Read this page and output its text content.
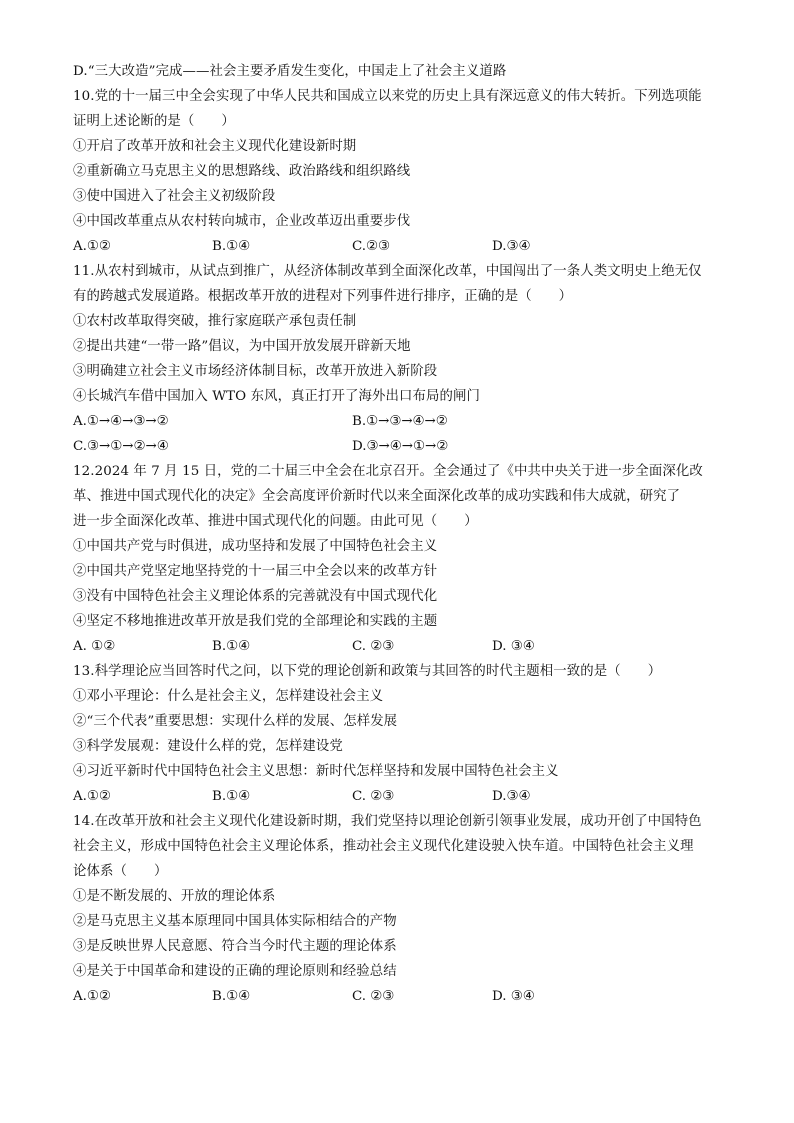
D.“三大改造”完成——社会主要矛盾发生变化，中国走上了社会主义道路
10.党的十一届三中全会实现了中华人民共和国成立以来党的历史上具有深远意义的伟大转折。下列选项能
证明上述论断的是（　　）
①开启了改革开放和社会主义现代化建设新时期
②重新确立马克思主义的思想路线、政治路线和组织路线
③使中国进入了社会主义初级阶段
④中国改革重点从农村转向城市，企业改革迈出重要步伐
A.①②	B.①④	C.②③	D.③④
11.从农村到城市，从试点到推广，从经济体制改革到全面深化改革，中国闯出了一条人类文明史上绝无仅
有的跨越式发展道路。根据改革开放的进程对下列事件进行排序，正确的是（　　）
①农村改革取得突破，推行家庭联产承包责任制
②提出共建“一带一路”倡议，为中国开放发展开辟新天地
③明确建立社会主义市场经济体制目标，改革开放进入新阶段
④长城汽车借中国加入 WTO 东风，真正打开了海外出口布局的闸门
A.①→④→③→②	B.①→③→④→②
C.③→①→②→④	D.③→④→①→②
12.2024 年 7 月 15 日，党的二十届三中全会在北京召开。全会通过了《中共中央关于进一步全面深化改
革、推进中国式现代化的决定》全会高度评价新时代以来全面深化改革的成功实践和伟大成就，研究了
进一步全面深化改革、推进中国式现代化的问题。由此可见（　　）
①中国共产党与时俱进，成功坚持和发展了中国特色社会主义
②中国共产党坚定地坚持党的十一届三中全会以来的改革方针
③没有中国特色社会主义理论体系的完善就没有中国式现代化
④坚定不移地推进改革开放是我们党的全部理论和实践的主题
A. ①②	B.①④	C. ②③	D. ③④
13.科学理论应当回答时代之问，以下党的理论创新和政策与其回答的时代主题相一致的是（　　）
①邓小平理论：什么是社会主义，怎样建设社会主义
②“三个代表”重要思想：实现什么样的发展、怎样发展
③科学发展观：建设什么样的党，怎样建设党
④习近平新时代中国特色社会主义思想：新时代怎样坚持和发展中国特色社会主义
A.①②	B.①④	C. ②③	D.③④
14.在改革开放和社会主义现代化建设新时期，我们党坚持以理论创新引领事业发展，成功开创了中国特色
社会主义，形成中国特色社会主义理论体系，推动社会主义现代化建设驶入快车道。中国特色社会主义理
论体系（　　）
①是不断发展的、开放的理论体系
②是马克思主义基本原理同中国具体实际相结合的产物
③是反映世界人民意愿、符合当今时代主题的理论体系
④是关于中国革命和建设的正确的理论原则和经验总结
A.①②	B.①④	C. ②③	D. ③④
